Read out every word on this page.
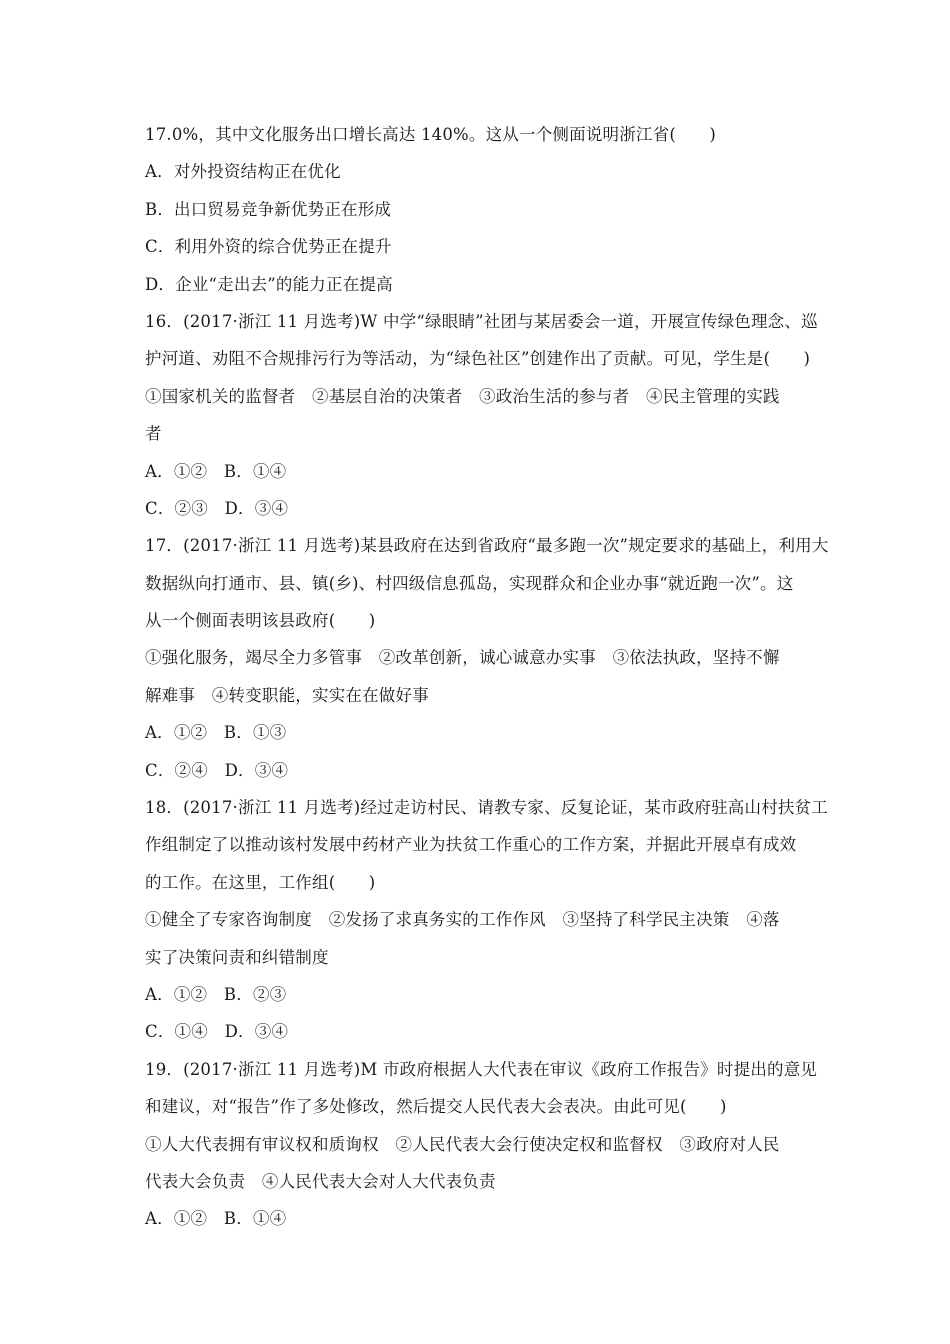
17.0%，其中文化服务出口增长高达 140%。这从一个侧面说明浙江省(　　)
A．对外投资结构正在优化
B．出口贸易竞争新优势正在形成
C．利用外资的综合优势正在提升
D．企业“走出去”的能力正在提高
16．(2017·浙江 11 月选考)W 中学“绿眼睛”社团与某居委会一道，开展宣传绿色理念、巡
护河道、劝阻不合规排污行为等活动，为“绿色社区”创建作出了贡献。可见，学生是(　　)
①国家机关的监督者　②基层自治的决策者　③政治生活的参与者　④民主管理的实践
者
A．①②　B．①④
C．②③　D．③④
17．(2017·浙江 11 月选考)某县政府在达到省政府“最多跑一次”规定要求的基础上，利用大
数据纵向打通市、县、镇(乡)、村四级信息孤岛，实现群众和企业办事“就近跑一次”。这
从一个侧面表明该县政府(　　)
①强化服务，竭尽全力多管事　②改革创新，诚心诚意办实事　③依法执政，坚持不懈
解难事　④转变职能，实实在在做好事
A．①②　B．①③
C．②④　D．③④
18．(2017·浙江 11 月选考)经过走访村民、请教专家、反复论证，某市政府驻高山村扶贫工
作组制定了以推动该村发展中药材产业为扶贫工作重心的工作方案，并据此开展卓有成效
的工作。在这里，工作组(　　)
①健全了专家咨询制度　②发扬了求真务实的工作作风　③坚持了科学民主决策　④落
实了决策问责和纠错制度
A．①②　B．②③
C．①④　D．③④
19．(2017·浙江 11 月选考)M 市政府根据人大代表在审议《政府工作报告》时提出的意见
和建议，对“报告”作了多处修改，然后提交人民代表大会表决。由此可见(　　)
①人大代表拥有审议权和质询权　②人民代表大会行使决定权和监督权　③政府对人民
代表大会负责　④人民代表大会对人大代表负责
A．①②　B．①④
